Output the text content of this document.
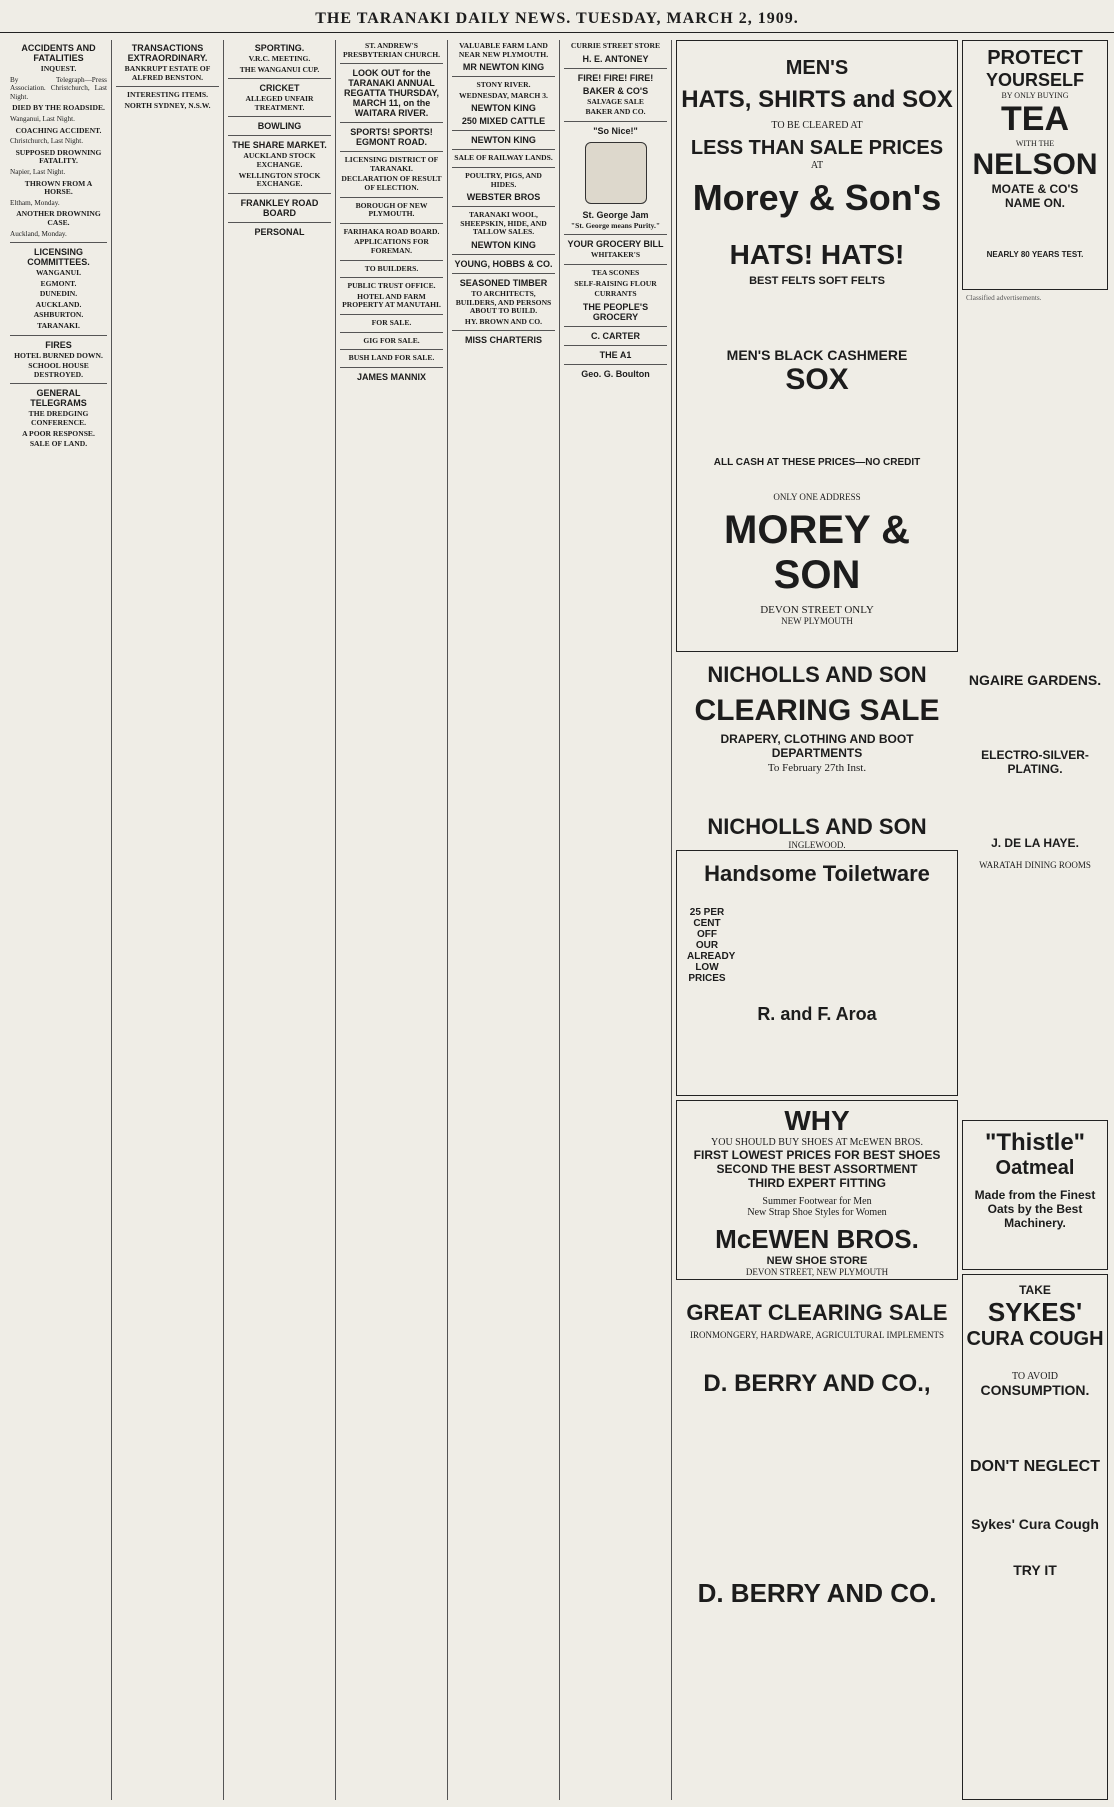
THE TARANAKI DAILY NEWS. TUESDAY, MARCH 2, 1909.
ACCIDENTS AND FATALITIES
INQUEST.

By Telegraph—Press Association. Christchurch, Last Night.

DIED BY THE ROADSIDE.

Wanganui, Last Night.

COACHING ACCIDENT.

Christchurch, Last Night.

SUPPOSED DROWNING FATALITY.

Napier, Last Night.

THROWN FROM A HORSE.

Eltham, Monday.

ANOTHER DROWNING CASE.

Auckland, Monday.

LICENSING COMMITTEES.
WANGANUI.
EGMONT.
DUNEDIN.
AUCKLAND.
ASHBURTON.
TARANAKI.
FIRES
HOTEL BURNED DOWN.
SCHOOL HOUSE DESTROYED.
GENERAL TELEGRAMS
THE DREDGING CONFERENCE.
A POOR RESPONSE.
SALE OF LAND.
TRANSACTIONS EXTRAORDINARY.
BANKRUPT ESTATE OF ALFRED BENSTON.
INTERESTING ITEMS.
NORTH SYDNEY, N.S.W.
SPORTING.
V.R.C. MEETING.
THE WANGANUI CUP.
CRICKET
ALLEGED UNFAIR TREATMENT.
BOWLING
THE SHARE MARKET.
AUCKLAND STOCK EXCHANGE.
WELLINGTON STOCK EXCHANGE.
FRANKLEY ROAD BOARD
PERSONAL
ST. ANDREW'S PRESBYTERIAN CHURCH.
LOOK OUT for the TARANAKI ANNUAL REGATTA THURSDAY, MARCH 11, on the WAITARA RIVER.
SPORTS! SPORTS! EGMONT ROAD.
LICENSING DISTRICT OF TARANAKI.
DECLARATION OF RESULT OF ELECTION.
BOROUGH OF NEW PLYMOUTH.
FARIHAKA ROAD BOARD.
APPLICATIONS FOR FOREMAN.
TO BUILDERS.
PUBLIC TRUST OFFICE.
HOTEL AND FARM PROPERTY AT MANUTAHI.
FOR SALE.
GIG FOR SALE.
BUSH LAND FOR SALE.
JAMES MANNIX
VALUABLE FARM LAND NEAR NEW PLYMOUTH.
MR NEWTON KING
STONY RIVER.
WEDNESDAY, MARCH 3.
NEWTON KING
250 MIXED CATTLE
NEWTON KING
SALE OF RAILWAY LANDS.
POULTRY, PIGS, AND HIDES.
WEBSTER BROS
TARANAKI WOOL, SHEEPSKIN, HIDE, AND TALLOW SALES.
NEWTON KING
YOUNG, HOBBS & CO.
SEASONED TIMBER
TO ARCHITECTS, BUILDERS, AND PERSONS ABOUT TO BUILD.
HY. BROWN AND CO.
MISS CHARTERIS
CURRIE STREET STORE
H. E. ANTONEY
FIRE! FIRE! FIRE!
BAKER & CO'S
SALVAGE SALE
BAKER AND CO.
"So Nice!"
St. George Jam
"St. George means Purity."
YOUR GROCERY BILL
WHITAKER'S
TEA SCONES
SELF-RAISING FLOUR
CURRANTS
THE PEOPLE'S GROCERY
C. CARTER
THE A1
Geo. G. Boulton
MEN'S
HATS, SHIRTS and SOX
TO BE CLEARED AT
LESS THAN SALE PRICES
AT
Morey & Son's
HATS! HATS!
BEST FELTS SOFT FELTS
MEN'S BLACK CASHMERE
SOX
ALL CASH AT THESE PRICES—NO CREDIT
ONLY ONE ADDRESS
MOREY & SON
DEVON STREET ONLY
NEW PLYMOUTH
NICHOLLS AND SON
CLEARING SALE
DRAPERY, CLOTHING AND BOOT DEPARTMENTS
To February 27th Inst.
NICHOLLS AND SON
INGLEWOOD.
Handsome Toiletware
25 PER CENT OFF OUR ALREADY LOW PRICES
R. and F. Aroa
WHY
YOU SHOULD BUY SHOES AT McEWEN BROS.
FIRST LOWEST PRICES FOR BEST SHOES
SECOND THE BEST ASSORTMENT
THIRD EXPERT FITTING
Summer Footwear for Men
New Strap Shoe Styles for Women
McEWEN BROS.
NEW SHOE STORE
DEVON STREET, NEW PLYMOUTH
GREAT CLEARING SALE
IRONMONGERY, HARDWARE, AGRICULTURAL IMPLEMENTS
D. BERRY AND CO.,
D. BERRY AND CO.
PROTECT
YOURSELF
BY ONLY BUYING
TEA
WITH THE
NELSON
MOATE & CO'S
NAME ON.
NEARLY 80 YEARS TEST.

Classified advertisements.

NGAIRE GARDENS.
ELECTRO-SILVER-PLATING.
J. DE LA HAYE.
WARATAH DINING ROOMS
"Thistle"
Oatmeal
Made from the Finest Oats by the Best Machinery.
TAKE
SYKES'
CURA COUGH
TO AVOID
CONSUMPTION.
DON'T NEGLECT
Sykes' Cura Cough
TRY IT
